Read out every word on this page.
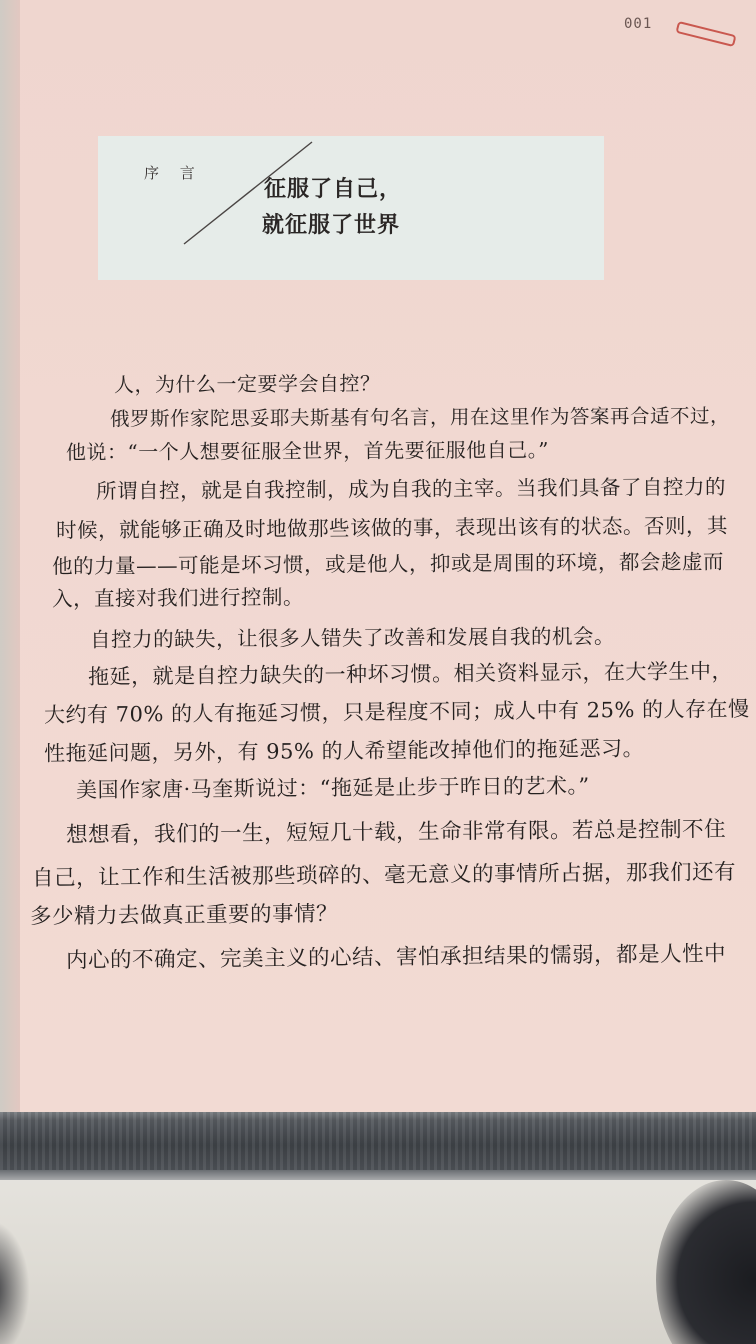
001
序 言
征服了自己，
就征服了世界
人，为什么一定要学会自控？
俄罗斯作家陀思妥耶夫斯基有句名言，用在这里作为答案再合适不过，
他说：“一个人想要征服全世界，首先要征服他自己。”
所谓自控，就是自我控制，成为自我的主宰。当我们具备了自控力的
时候，就能够正确及时地做那些该做的事，表现出该有的状态。否则，其
他的力量——可能是坏习惯，或是他人，抑或是周围的环境，都会趁虚而
入，直接对我们进行控制。
自控力的缺失，让很多人错失了改善和发展自我的机会。
拖延，就是自控力缺失的一种坏习惯。相关资料显示，在大学生中，
大约有 70% 的人有拖延习惯，只是程度不同；成人中有 25% 的人存在慢
性拖延问题，另外，有 95% 的人希望能改掉他们的拖延恶习。
美国作家唐·马奎斯说过：“拖延是止步于昨日的艺术。”
想想看，我们的一生，短短几十载，生命非常有限。若总是控制不住
自己，让工作和生活被那些琐碎的、毫无意义的事情所占据，那我们还有
多少精力去做真正重要的事情？
内心的不确定、完美主义的心结、害怕承担结果的懦弱，都是人性中
